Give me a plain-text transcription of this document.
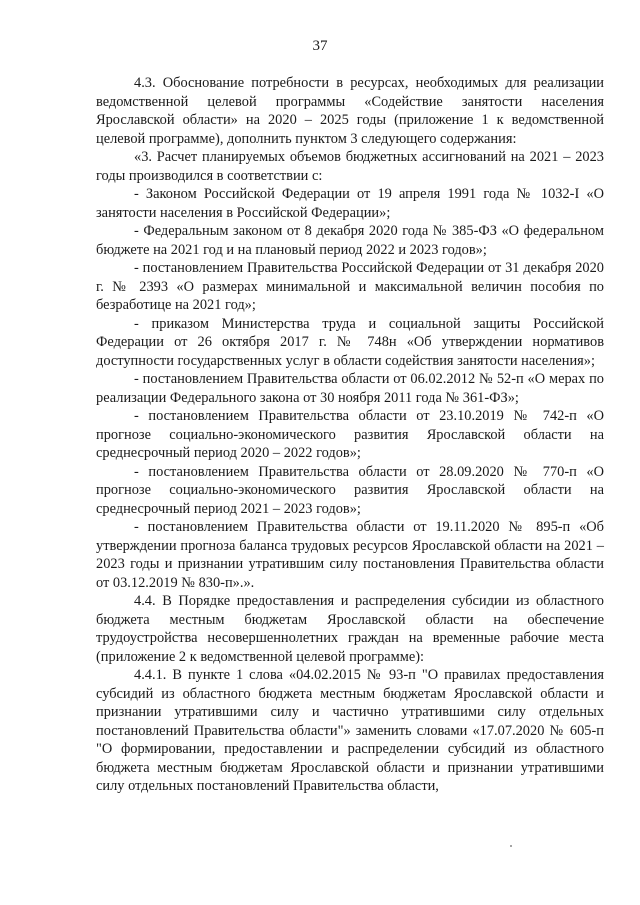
37

4.3. Обоснование потребности в ресурсах, необходимых для реализации ведомственной целевой программы «Содействие занятости населения Ярославской области» на 2020 – 2025 годы (приложение 1 к ведомственной целевой программе), дополнить пунктом 3 следующего содержания:

«3. Расчет планируемых объемов бюджетных ассигнований на 2021 – 2023 годы производился в соответствии с:

- Законом Российской Федерации от 19 апреля 1991 года № 1032-I «О занятости населения в Российской Федерации»;

- Федеральным законом от 8 декабря 2020 года № 385-ФЗ «О федеральном бюджете на 2021 год и на плановый период 2022 и 2023 годов»;

- постановлением Правительства Российской Федерации от 31 декабря 2020 г. № 2393 «О размерах минимальной и максимальной величин пособия по безработице на 2021 год»;

- приказом Министерства труда и социальной защиты Российской Федерации от 26 октября 2017 г. № 748н «Об утверждении нормативов доступности государственных услуг в области содействия занятости населения»;

- постановлением Правительства области от 06.02.2012 № 52-п «О мерах по реализации Федерального закона от 30 ноября 2011 года № 361-ФЗ»;

- постановлением Правительства области от 23.10.2019 № 742-п «О прогнозе социально-экономического развития Ярославской области на среднесрочный период 2020 – 2022 годов»;

- постановлением Правительства области от 28.09.2020 № 770-п «О прогнозе социально-экономического развития Ярославской области на среднесрочный период 2021 – 2023 годов»;

- постановлением Правительства области от 19.11.2020 № 895-п «Об утверждении прогноза баланса трудовых ресурсов Ярославской области на 2021 – 2023 годы и признании утратившим силу постановления Правительства области от 03.12.2019 № 830-п».».

4.4. В Порядке предоставления и распределения субсидии из областного бюджета местным бюджетам Ярославской области на обеспечение трудоустройства несовершеннолетних граждан на временные рабочие места (приложение 2 к ведомственной целевой программе):

4.4.1. В пункте 1 слова «04.02.2015 № 93-п "О правилах предоставления субсидий из областного бюджета местным бюджетам Ярославской области и признании утратившими силу и частично утратившими силу отдельных постановлений Правительства области"» заменить словами «17.07.2020 № 605-п "О формировании, предоставлении и распределении субсидий из областного бюджета местным бюджетам Ярославской области и признании утратившими силу отдельных постановлений Правительства области,
